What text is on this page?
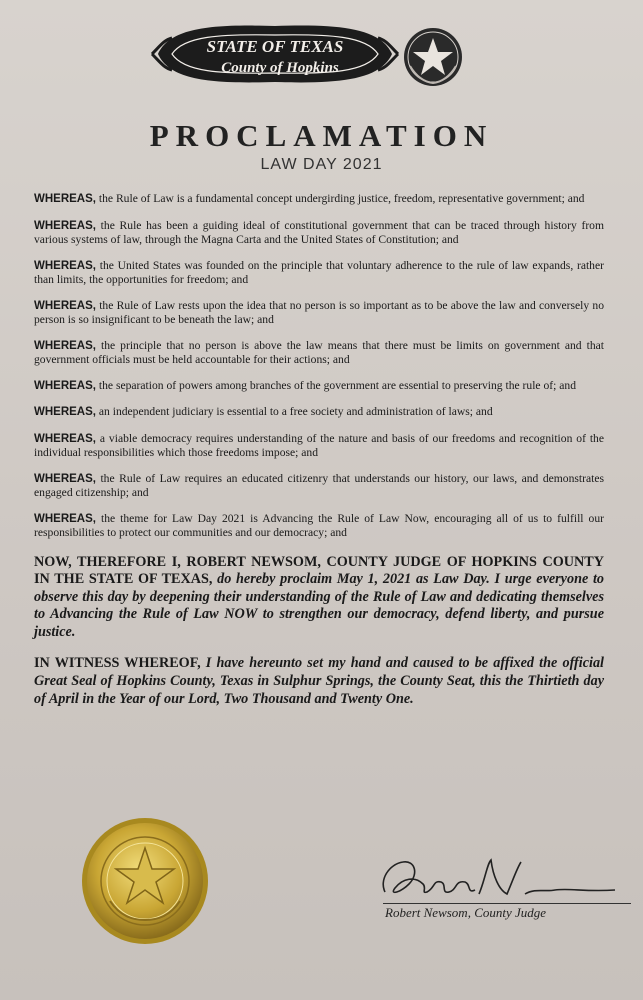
STATE OF TEXAS
County of Hopkins
PROCLAMATION
LAW DAY 2021

WHEREAS, the Rule of Law is a fundamental concept undergirding justice, freedom, representative government; and

WHEREAS, the Rule has been a guiding ideal of constitutional government that can be traced through history from various systems of law, through the Magna Carta and the United States of Constitution; and

WHEREAS, the United States was founded on the principle that voluntary adherence to the rule of law expands, rather than limits, the opportunities for freedom; and

WHEREAS, the Rule of Law rests upon the idea that no person is so important as to be above the law and conversely no person is so insignificant to be beneath the law; and

WHEREAS, the principle that no person is above the law means that there must be limits on government and that government officials must be held accountable for their actions; and

WHEREAS, the separation of powers among branches of the government are essential to preserving the rule of; and

WHEREAS, an independent judiciary is essential to a free society and administration of laws; and

WHEREAS, a viable democracy requires understanding of the nature and basis of our freedoms and recognition of the individual responsibilities which those freedoms impose; and

WHEREAS, the Rule of Law requires an educated citizenry that understands our history, our laws, and demonstrates engaged citizenship; and

WHEREAS, the theme for Law Day 2021 is Advancing the Rule of Law Now, encouraging all of us to fulfill our responsibilities to protect our communities and our democracy; and

NOW, THEREFORE I, ROBERT NEWSOM, COUNTY JUDGE OF HOPKINS COUNTY IN THE STATE OF TEXAS, do hereby proclaim May 1, 2021 as Law Day. I urge everyone to observe this day by deepening their understanding of the Rule of Law and dedicating themselves to Advancing the Rule of Law NOW to strengthen our democracy, defend liberty, and pursue justice.

IN WITNESS WHEREOF, I have hereunto set my hand and caused to be affixed the official Great Seal of Hopkins County, Texas in Sulphur Springs, the County Seat, this the Thirtieth day of April in the Year of our Lord, Two Thousand and Twenty One.

Robert Newsom, County Judge
